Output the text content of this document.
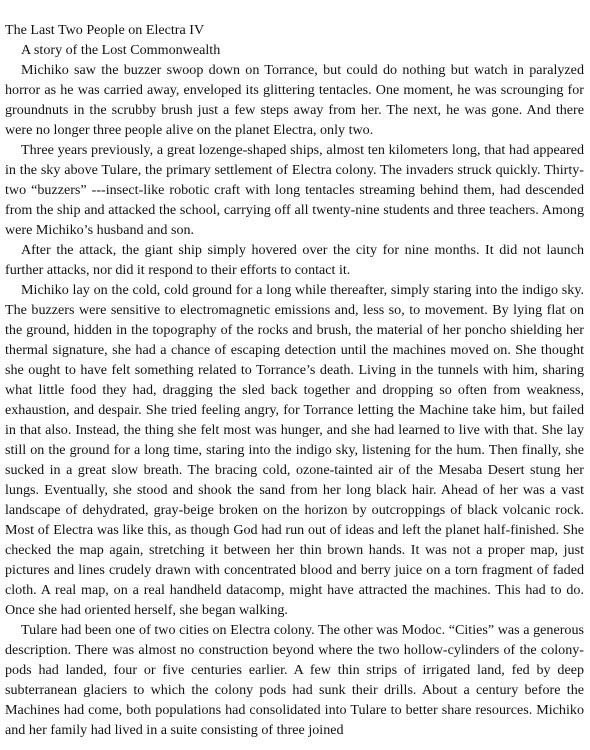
The Last Two People on Electra IV

A story of the Lost Commonwealth

Michiko saw the buzzer swoop down on Torrance, but could do nothing but watch in paralyzed horror as he was carried away, enveloped its glittering tentacles. One moment, he was scrounging for groundnuts in the scrubby brush just a few steps away from her. The next, he was gone. And there were no longer three people alive on the planet Electra, only two.

Three years previously, a great lozenge-shaped ships, almost ten kilometers long, that had appeared in the sky above Tulare, the primary settlement of Electra colony. The invaders struck quickly. Thirty-two “buzzers” ---insect-like robotic craft with long tentacles streaming behind them, had descended from the ship and attacked the school, carrying off all twenty-nine students and three teachers. Among were Michiko’s husband and son.

After the attack, the giant ship simply hovered over the city for nine months. It did not launch further attacks, nor did it respond to their efforts to contact it.

Michiko lay on the cold, cold ground for a long while thereafter, simply staring into the indigo sky. The buzzers were sensitive to electromagnetic emissions and, less so, to movement. By lying flat on the ground, hidden in the topography of the rocks and brush, the material of her poncho shielding her thermal signature, she had a chance of escaping detection until the machines moved on. She thought she ought to have felt something related to Torrance’s death. Living in the tunnels with him, sharing what little food they had, dragging the sled back together and dropping so often from weakness, exhaustion, and despair. She tried feeling angry, for Torrance letting the Machine take him, but failed in that also. Instead, the thing she felt most was hunger, and she had learned to live with that. She lay still on the ground for a long time, staring into the indigo sky, listening for the hum. Then finally, she sucked in a great slow breath. The bracing cold, ozone-tainted air of the Mesaba Desert stung her lungs. Eventually, she stood and shook the sand from her long black hair. Ahead of her was a vast landscape of dehydrated, gray-beige broken on the horizon by outcroppings of black volcanic rock. Most of Electra was like this, as though God had run out of ideas and left the planet half-finished. She checked the map again, stretching it between her thin brown hands. It was not a proper map, just pictures and lines crudely drawn with concentrated blood and berry juice on a torn fragment of faded cloth. A real map, on a real handheld datacomp, might have attracted the machines. This had to do. Once she had oriented herself, she began walking.

Tulare had been one of two cities on Electra colony. The other was Modoc. “Cities” was a generous description. There was almost no construction beyond where the two hollow-cylinders of the colony-pods had landed, four or five centuries earlier. A few thin strips of irrigated land, fed by deep subterranean glaciers to which the colony pods had sunk their drills. About a century before the Machines had come, both populations had consolidated into Tulare to better share resources. Michiko and her family had lived in a suite consisting of three joined
